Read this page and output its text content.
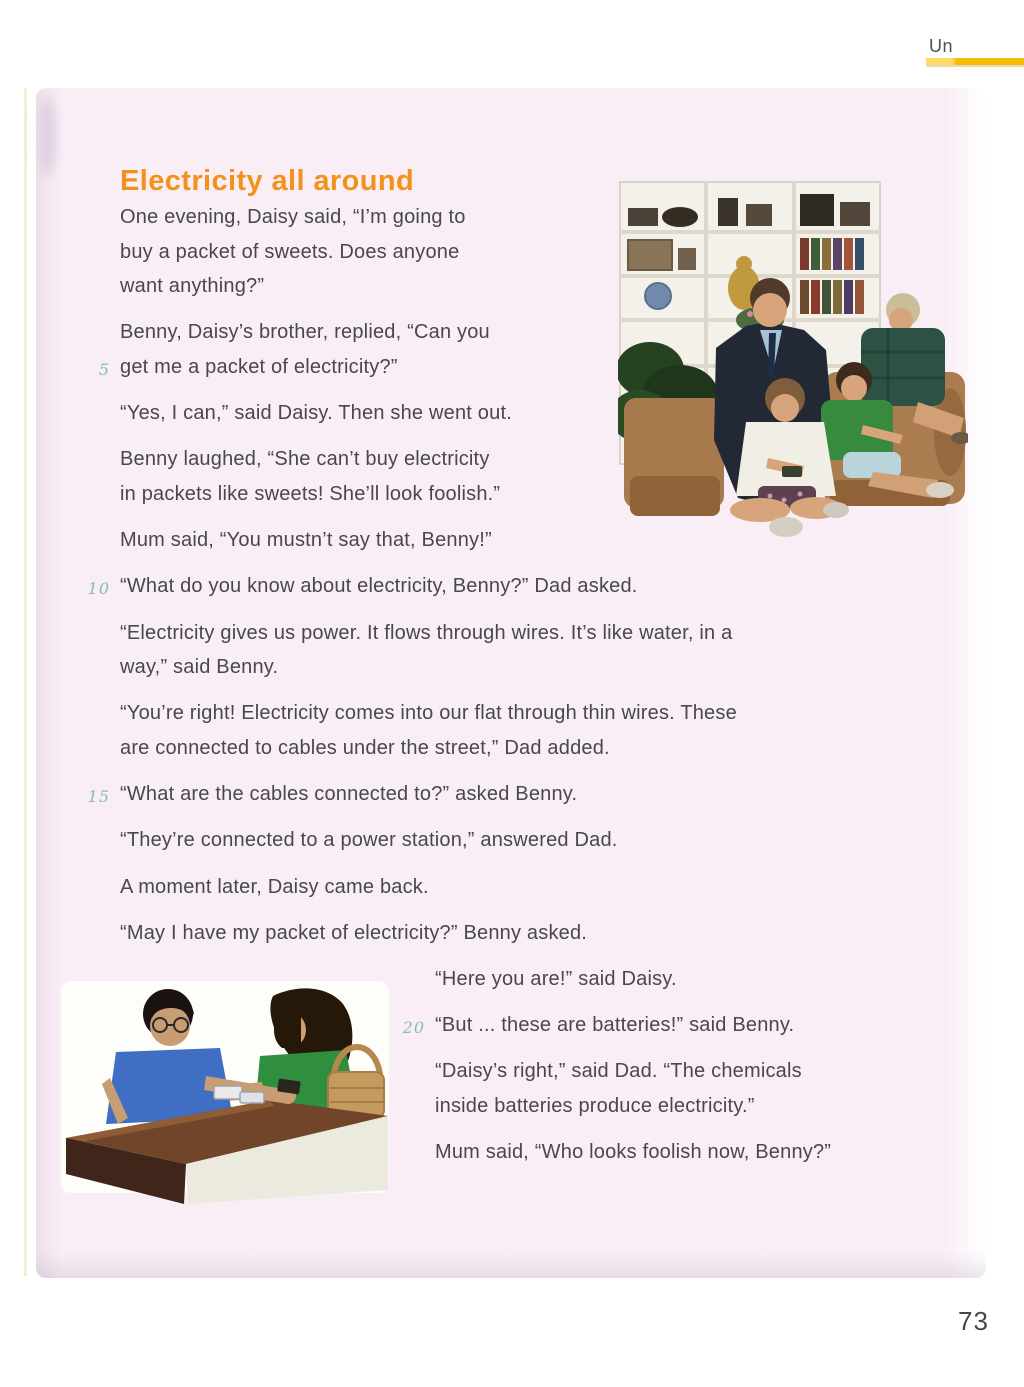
Un
Electricity all around
One evening, Daisy said, “I’m going to
buy a packet of sweets. Does anyone
want anything?”
Benny, Daisy’s brother, replied, “Can you
5 get me a packet of electricity?”
“Yes, I can,” said Daisy. Then she went out.
Benny laughed, “She can’t buy electricity
in packets like sweets! She’ll look foolish.”
Mum said, “You mustn’t say that, Benny!”
10 “What do you know about electricity, Benny?” Dad asked.
“Electricity gives us power. It flows through wires. It’s like water, in a
way,” said Benny.
“You’re right! Electricity comes into our flat through thin wires. These
are connected to cables under the street,” Dad added.
15 “What are the cables connected to?” asked Benny.
“They’re connected to a power station,” answered Dad.
A moment later, Daisy came back.
“May I have my packet of electricity?” Benny asked.
“Here you are!” said Daisy.
20 “But ... these are batteries!” said Benny.
“Daisy’s right,” said Dad. “The chemicals
inside batteries produce electricity.”
Mum said, “Who looks foolish now, Benny?”
73
